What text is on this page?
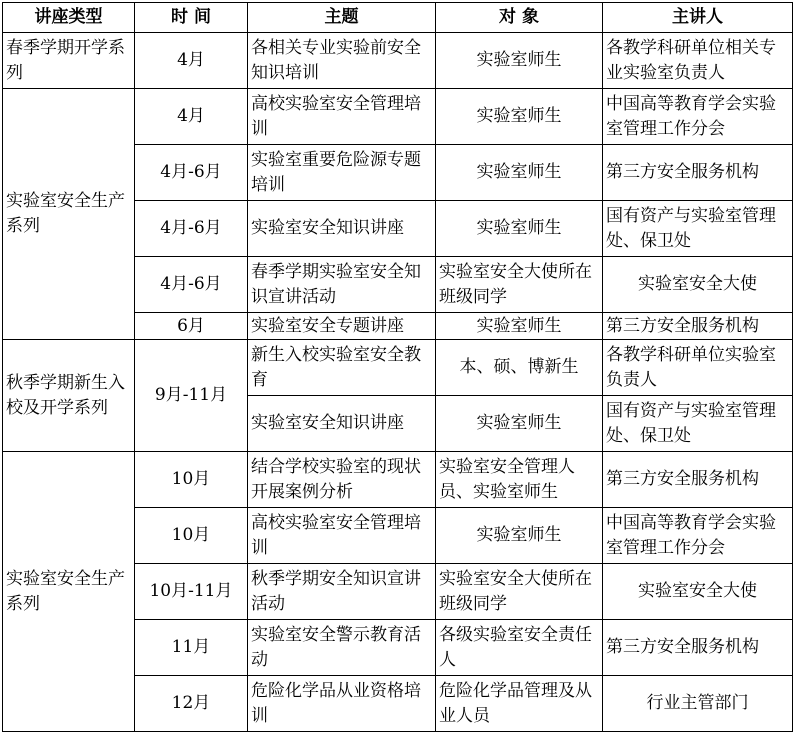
讲座类型	时 间	主题	对 象	主讲人
春季学期开学系列	4月	各相关专业实验前安全知识培训	实验室师生	各教学科研单位相关专业实验室负责人
实验室安全生产系列	4月	高校实验室安全管理培训	实验室师生	中国高等教育学会实验室管理工作分会
	4月-6月	实验室重要危险源专题培训	实验室师生	第三方安全服务机构
	4月-6月	实验室安全知识讲座	实验室师生	国有资产与实验室管理处、保卫处
	4月-6月	春季学期实验室安全知识宣讲活动	实验室安全大使所在班级同学	实验室安全大使
	6月	实验室安全专题讲座	实验室师生	第三方安全服务机构
秋季学期新生入校及开学系列	9月-11月	新生入校实验室安全教育	本、硕、博新生	各教学科研单位实验室负责人
		实验室安全知识讲座	实验室师生	国有资产与实验室管理处、保卫处
实验室安全生产系列	10月	结合学校实验室的现状开展案例分析	实验室安全管理人员、实验室师生	第三方安全服务机构
	10月	高校实验室安全管理培训	实验室师生	中国高等教育学会实验室管理工作分会
	10月-11月	秋季学期安全知识宣讲活动	实验室安全大使所在班级同学	实验室安全大使
	11月	实验室安全警示教育活动	各级实验室安全责任人	第三方安全服务机构
	12月	危险化学品从业资格培训	危险化学品管理及从业人员	行业主管部门
